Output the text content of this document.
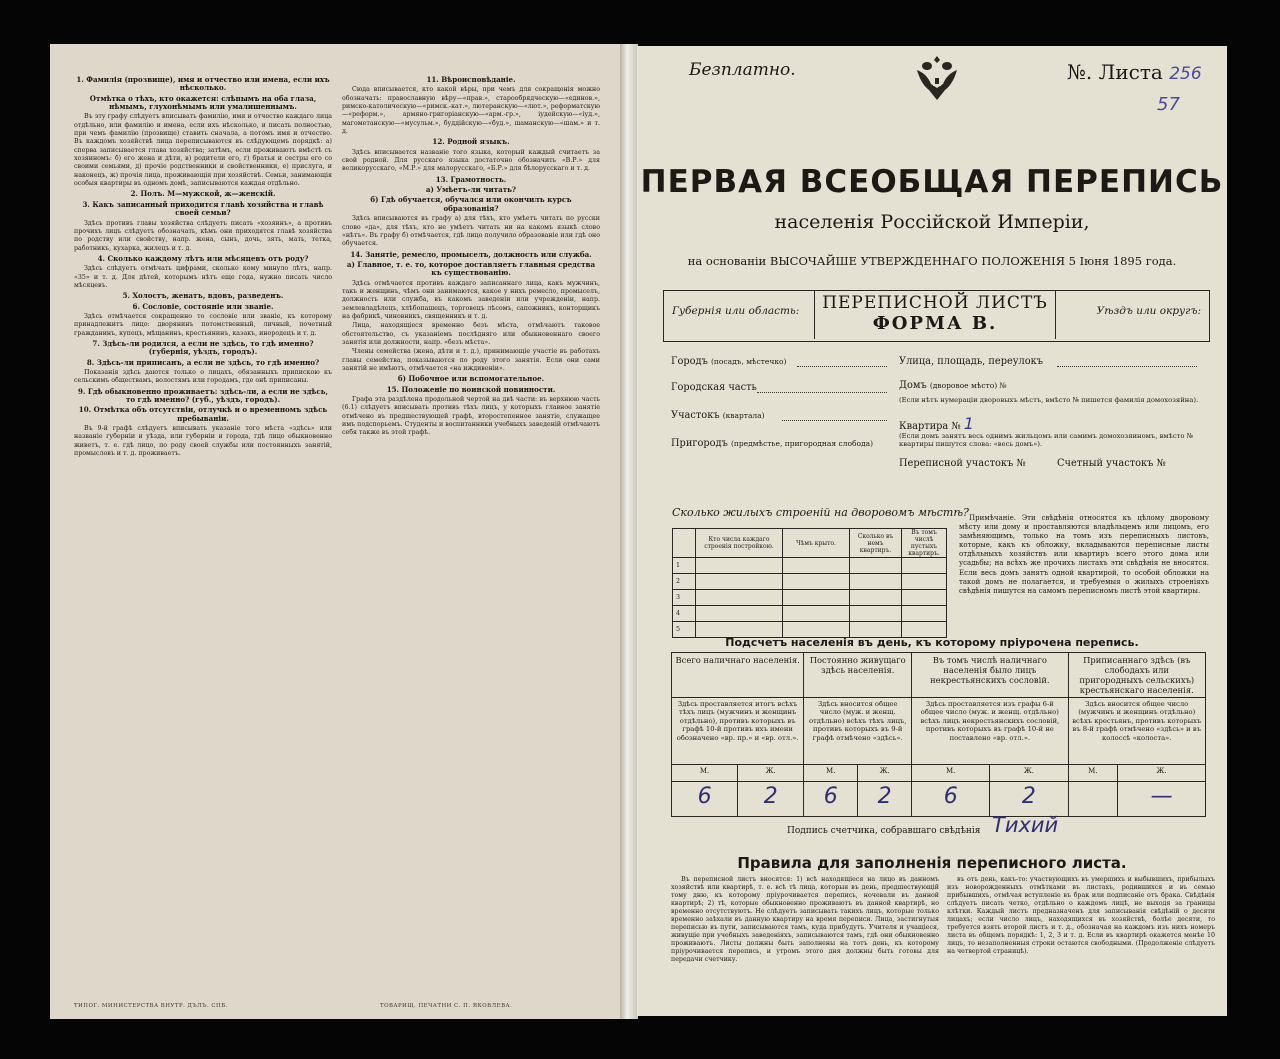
1. Фамилія (прозвище), имя и отчество или имена, если ихъ нѣсколько.
Отмѣтка о тѣхъ, кто окажется: слѣпымъ на оба глаза, нѣмымъ, глухонѣмымъ или умалишеннымъ.

Въ эту графу слѣдуетъ вписывать фамилію, имя и отчество каждаго лица отдѣльно, или фамилію и имена, если ихъ нѣсколько, и писать полностью, при чемъ фамилію (прозвище) ставить сначала, а потомъ имя и отчество. Въ каждомъ хозяйствѣ лица переписываются въ слѣдующемъ порядкѣ: а) сперва записывается глава хозяйства; затѣмъ, если проживаютъ вмѣстѣ съ хозяиномъ: б) его жена и дѣти, в) родители его, г) братья и сестры его со своими семьями, д) прочіе родственники и свойственники, е) прислуга, и наконецъ, ж) прочія лица, проживающія при хозяйствѣ. Семьи, занимающія особыя квартиры въ одномъ домѣ, записываются каждая отдѣльно.

2. Полъ. М—мужской, ж—женскій.
3. Какъ записанный приходится главѣ хозяйства и главѣ своей семьи?

Здѣсь противъ главы хозяйства слѣдуетъ писать «хозяинъ», а противъ прочихъ лицъ слѣдуетъ обозначать, кѣмъ они приходятся главѣ хозяйства по родству или свойству, напр. жена, сынъ, дочь, зять, мать, тетка, работникъ, кухарка, жилецъ и т. д.

4. Сколько каждому лѣтъ или мѣсяцевъ отъ роду?

Здѣсь слѣдуетъ отмѣчать цифрами, сколько кому минуло лѣтъ, напр. «35» и т. д. Для дѣтей, которымъ нѣтъ еще года, нужно писать число мѣсяцевъ.

5. Холостъ, женатъ, вдовъ, разведенъ.
6. Сословіе, состояніе или званіе.

Здѣсь отмѣчается сокращенно то сословіе или званіе, къ которому принадлежитъ лицо: дворянинъ потомственный, личный, почетный гражданинъ, купецъ, мѣщанинъ, крестьянинъ, казакъ, инородецъ и т. д.

7. Здѣсь-ли родился, а если не здѣсь, то гдѣ именно? (губернія, уѣздъ, городъ).
8. Здѣсь-ли приписанъ, а если не здѣсь, то гдѣ именно?

Показанія здѣсь даются только о лицахъ, обязанныхъ припискою къ сельскимъ обществамъ, волостямъ или городамъ, где онѣ приписаны.

9. Гдѣ обыкновенно проживаетъ: здѣсь-ли, а если не здѣсь, то гдѣ именно? (губ., уѣздъ, городъ).
10. Отмѣтка объ отсутствіи, отлучкѣ и о временномъ здѣсь пребываніи.

Въ 9-й графѣ слѣдуетъ вписывать указаніе того мѣста «здѣсь» или названіе губерніи и уѣзда, или губерніи и города, гдѣ лицо обыкновенно живетъ, т. е. гдѣ лицо, по роду своей службы или постоянныхъ занятій, промысловъ и т. д. проживаетъ.

ТИПОГ. МИНИСТЕРСТВА ВНУТР. ДЪЛЪ. СПБ.
11. Вѣроисповѣданіе.

Сюда вписывается, кто какой вѣры, при чемъ для сокращенія можно обозначать: православную вѣру—«прав.», старообрядческую—«единов.», римско-католическую—«римск.-кат.», лютеранскую—«лют.», реформатскую—«реформ.», армяно-григоріанскую—«арм.-гр.», іудейскую—«іуд.», магометанскую—«мусульм.», буддійскую—«буд.», шаманскую—«шам.» и т. д.

12. Родной языкъ.

Здѣсь вписывается названіе того языка, который каждый считаетъ за свой родной. Для русскаго языка достаточно обозначить «В.Р.» для великорусскаго, «М.Р.» для малорусскаго, «Б.Р.» для бѣлорусскаго и т. д.

13. Грамотность.
а) Умѣетъ-ли читать?
б) Гдѣ обучается, обучался или окончилъ курсъ образованія?

Здѣсь вписываются въ графу а) для тѣхъ, кто умѣетъ читать по русски слово «да», для тѣхъ, кто не умѣетъ читать ни на какомъ языкѣ слово «нѣтъ». Въ графу б) отмѣчается, гдѣ лицо получило образованіе или гдѣ оно обучается.

14. Занятіе, ремесло, промыселъ, должность или служба.
а) Главное, т. е. то, которое доставляетъ главныя средства къ существованію.

Здѣсь отмѣчается противъ каждаго записаннаго лица, какъ мужчинъ, такъ и женщинъ, чѣмъ они занимаются, какое у нихъ ремесло, промыселъ, должность или служба, въ какомъ заведеніи или учрежденіи, напр. землевладѣлецъ, хлѣбопашецъ, торговецъ лѣсомъ, сапожникъ, конторщикъ на фабрикѣ, чиновникъ, священникъ и т. д.

Лица, находящіеся временно безъ мѣста, отмѣчаютъ таковое обстоятельство, съ указаніемъ послѣдняго или обыкновеннаго своего занятія или должности, напр. «безъ мѣста».

Члены семейства (жена, дѣти и т. д.), принимающіе участіе въ работахъ главы семейства, показываются по роду этого занятія. Если они сами занятій не имѣютъ, отмѣчается «на иждивеніи».

б) Побочное или вспомогательное.
15. Положеніе по воинской повинности.

Графа эта раздѣлена продольной чертой на двѣ части: въ верхнюю часть (6.1) слѣдуетъ вписывать противъ тѣхъ лицъ, у которыхъ главное занятіе отмѣчено въ предшествующей графѣ, второстепенное занятіе, служащее имъ подспорьемъ. Студенты и воспитанники учебныхъ заведеній отмѣчаютъ себя также въ этой графѣ.

ТОВАРИЩ. ПЕЧАТНИ С. П. ЯКОВЛЕВА.
Безплатно.	№. Листа 256
57
ПЕРВАЯ ВСЕОБЩАЯ ПЕРЕПИСЬ
населенія Россійской Имперіи,
на основаніи ВЫСОЧАЙШЕ УТВЕРЖДЕННАГО ПОЛОЖЕНІЯ 5 Іюня 1895 года.
Губернія или область:	ПЕРЕПИСНОЙ ЛИСТЪ
ФОРМА В.
Уѣздъ или округъ:
Городъ (посадъ, мѣстечко)
Городская часть
Участокъ (квартала)
Пригородъ (предмѣстье, пригородная слобода)
Улица, площадь, переулокъ
Домъ (дворовое мѣсто) №
(Если нѣтъ нумераціи дворовыхъ мѣстъ, вмѣсто № пишется фамилія домохозяйна).
Квартира № 1
(Если домъ занятъ весь однимъ жильцомъ или самимъ домохозяиномъ, вмѣсто № квартиры пишутся слова: «весь домъ»).
Переписной участокъ №	Счетный участокъ №
Сколько жилыхъ строеній на дворовомъ мѣстѣ?
	Кто числа каждаго строенія постройкою.	Чѣмъ крыто.	Сколько въ немъ квартиръ.	Въ томъ числѣ пустыхъ квартиръ.
1				
2				
3				
4				
5				
Примѣчаніе. Эти свѣдѣнія относятся къ цѣлому дворовому мѣсту или дому и проставляются владѣльцемъ или лицомъ, его замѣняющимъ, только на томъ изъ переписныхъ листовъ, которые, какъ къ обложку, вкладываются переписные листы отдѣльныхъ хозяйствъ или квартиръ всего этого дома или усадьбы; на всѣхъ же прочихъ листахъ эти свѣдѣнія не вносятся. Если весь домъ занятъ одной квартирой, то особой обложки на такой домъ не полагается, и требуемыя о жилыхъ строеніяхъ свѣдѣнія пишутся на самомъ переписномъ листѣ этой квартиры.
Подсчетъ населенія въ день, къ которому пріурочена перепись.
Всего наличнаго населенія.		Постоянно живущаго здѣсь населенія.		Въ томъ числѣ наличнаго населенія было лицъ некрестьянскихъ сословій.		Приписаннаго здѣсь (въ слободахъ или пригородныхъ сельскихъ) крестьянскаго населенія.	
Здѣсь проставляется итогъ всѣхъ тѣхъ лицъ (мужчинъ и женщинъ отдѣльно), противъ которыхъ въ графѣ 10-й противъ ихъ имени обозначено «вр. пр.» и «вр. отл.».		Здѣсь вносится общее число (муж. и женщ. отдѣльно) всѣхъ тѣхъ лицъ, противъ которыхъ въ 9-й графѣ отмѣчено «здѣсь».		Здѣсь проставляется изъ графы 6-й общее число (муж. и женщ. отдѣльно) всѣхъ лицъ некрестьянскихъ сословій, противъ которыхъ въ графѣ 10-й не поставлено «вр. отл.».		Здѣсь вносится общее число (мужчинъ и женщинъ отдѣльно) всѣхъ крестьянъ, противъ которыхъ въ 8-й графѣ отмѣчено «здѣсь» и въ колоссѣ «колоста».	
М.	Ж.	М.	Ж.	М.	Ж.	М.	Ж.
6	2	6	2	6	2		—
Подпись счетчика, собравшаго свѣдѣнія Тихий
Правила для заполненія переписного листа.

Въ переписной листъ вносятся: 1) всѣ находящіеся на лицо въ данномъ хозяйствѣ или квартирѣ, т. е. всѣ тѣ лица, которыя въ день, предшествующій тому дню, къ которому пріурочивается перепись, ночевали въ данной квартирѣ; 2) тѣ, которые обыкновенно проживаютъ въ данной квартирѣ, но временно отсутствуютъ. Не слѣдуетъ записывать такихъ лицъ, которые только временно заѣхали въ данную квартиру на время переписи. Лица, застигнутыя переписью въ пути, записываются тамъ, куда прибудутъ. Учителя и учащіеся, живущіе при учебныхъ заведеніяхъ, записываются тамъ, гдѣ они обыкновенно проживаютъ. Листы должны быть заполнены на тотъ день, къ которому пріурочивается перепись, и утромъ этого дня должны быть готовы для передачи счетчику.

въ отъ день, какъ-то: участвующихъ въ умершихъ и выбывшихъ, прибылыхъ изъ новорожденныхъ отмѣтками въ листахъ, родившихся и въ семью прибывшихъ, отмѣчая вступленіе въ брак или подписаніе отъ брака. Свѣдѣнія слѣдуетъ писать четко, отдѣльно о каждомъ лицѣ, не выходя за границы клѣтки. Каждый листъ предназначенъ для записыванія свѣдѣній о десяти лицахъ; если число лицъ, находящихся въ хозяйствѣ, болѣе десяти, то требуется взять второй листъ и т. д., обозначая на каждомъ изъ нихъ номеръ листа въ общемъ порядкѣ: 1, 2, 3 и т. д. Если въ квартирѣ окажется менѣе 10 лицъ, то незаполненныя строки остаются свободными. (Продолженіе слѣдуетъ на четвертой страницѣ).
